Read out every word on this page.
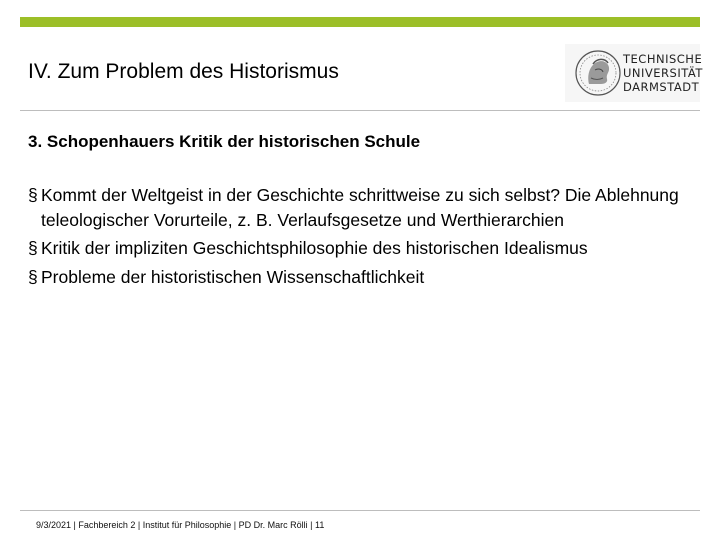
IV. Zum Problem des Historismus
TECHNISCHE
UNIVERSITÄT
DARMSTADT
3. Schopenhauers Kritik der historischen Schule
§ Kommt der Weltgeist in der Geschichte schrittweise zu sich selbst? Die Ablehnung teleologischer Vorurteile, z. B. Verlaufsgesetze und Werthierarchien
§ Kritik der impliziten Geschichtsphilosophie des historischen Idealismus
§ Probleme der historistischen Wissenschaftlichkeit
9/3/2021 | Fachbereich 2 | Institut für Philosophie | PD Dr. Marc Rölli | 11
